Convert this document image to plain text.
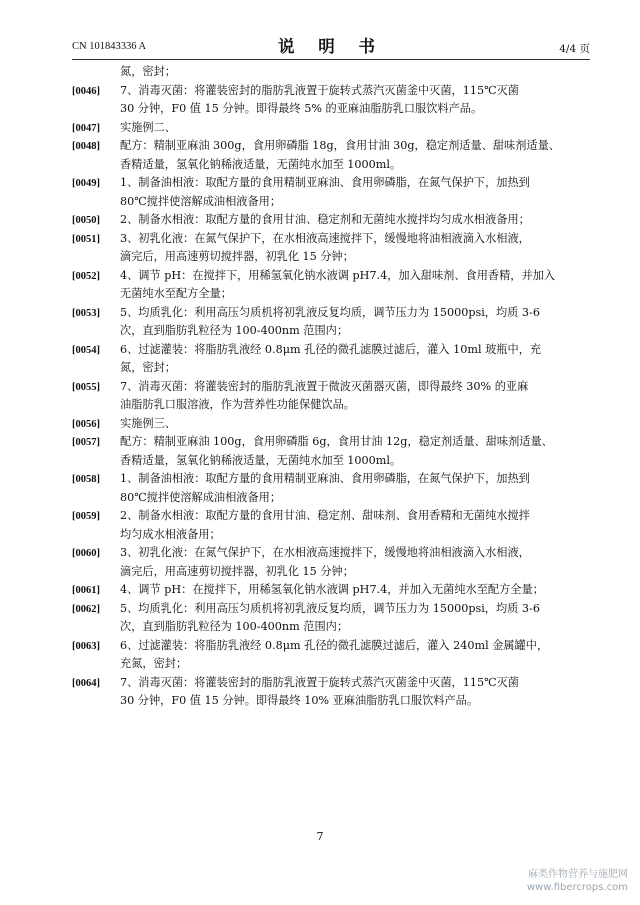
CN 101843336 A	说 明 书	4/4 页
氮，密封；
[0046] 7、消毒灭菌：将灌装密封的脂肪乳液置于旋转式蒸汽灭菌釜中灭菌，115℃灭菌
30 分钟，F0 值 15 分钟。即得最终 5% 的亚麻油脂肪乳口服饮料产品。
[0047] 实施例二、
[0048] 配方：精制亚麻油 300g，食用卵磷脂 18g，食用甘油 30g，稳定剂适量、甜味剂适量、
香精适量，氢氧化钠稀液适量，无菌纯水加至 1000ml。
[0049] 1、制备油相液：取配方量的食用精制亚麻油、食用卵磷脂，在氮气保护下，加热到
80℃搅拌使溶解成油相液备用；
[0050] 2、制备水相液：取配方量的食用甘油、稳定剂和无菌纯水搅拌均匀成水相液备用；
[0051] 3、初乳化液：在氮气保护下，在水相液高速搅拌下，缓慢地将油相液滴入水相液，
滴完后，用高速剪切搅拌器，初乳化 15 分钟；
[0052] 4、调节 pH：在搅拌下，用稀氢氧化钠水液调 pH7.4，加入甜味剂、食用香精，并加入
无菌纯水至配方全量；
[0053] 5、均质乳化：利用高压匀质机将初乳液反复均质，调节压力为 15000psi，均质 3-6
次，直到脂肪乳粒径为 100-400nm 范围内；
[0054] 6、过滤灌装：将脂肪乳液经 0.8μm 孔径的微孔滤膜过滤后，灌入 10ml 玻瓶中，充
氮，密封；
[0055] 7、消毒灭菌：将灌装密封的脂肪乳液置于微波灭菌器灭菌，即得最终 30% 的亚麻
油脂肪乳口服溶液，作为营养性功能保健饮品。
[0056] 实施例三、
[0057] 配方：精制亚麻油 100g，食用卵磷脂 6g，食用甘油 12g，稳定剂适量、甜味剂适量、
香精适量，氢氧化钠稀液适量，无菌纯水加至 1000ml。
[0058] 1、制备油相液：取配方量的食用精制亚麻油、食用卵磷脂，在氮气保护下，加热到
80℃搅拌使溶解成油相液备用；
[0059] 2、制备水相液：取配方量的食用甘油、稳定剂、甜味剂、食用香精和无菌纯水搅拌
均匀成水相液备用；
[0060] 3、初乳化液：在氮气保护下，在水相液高速搅拌下，缓慢地将油相液滴入水相液，
滴完后，用高速剪切搅拌器，初乳化 15 分钟；
[0061] 4、调节 pH：在搅拌下，用稀氢氧化钠水液调 pH7.4，并加入无菌纯水至配方全量；
[0062] 5、均质乳化：利用高压匀质机将初乳液反复均质，调节压力为 15000psi，均质 3-6
次，直到脂肪乳粒径为 100-400nm 范围内；
[0063] 6、过滤灌装：将脂肪乳液经 0.8μm 孔径的微孔滤膜过滤后，灌入 240ml 金属罐中，
充氮，密封；
[0064] 7、消毒灭菌：将灌装密封的脂肪乳液置于旋转式蒸汽灭菌釜中灭菌，115℃灭菌
30 分钟，F0 值 15 分钟。即得最终 10% 亚麻油脂肪乳口服饮料产品。
7
麻类作物营养与施肥网
www.fibercrops.com
